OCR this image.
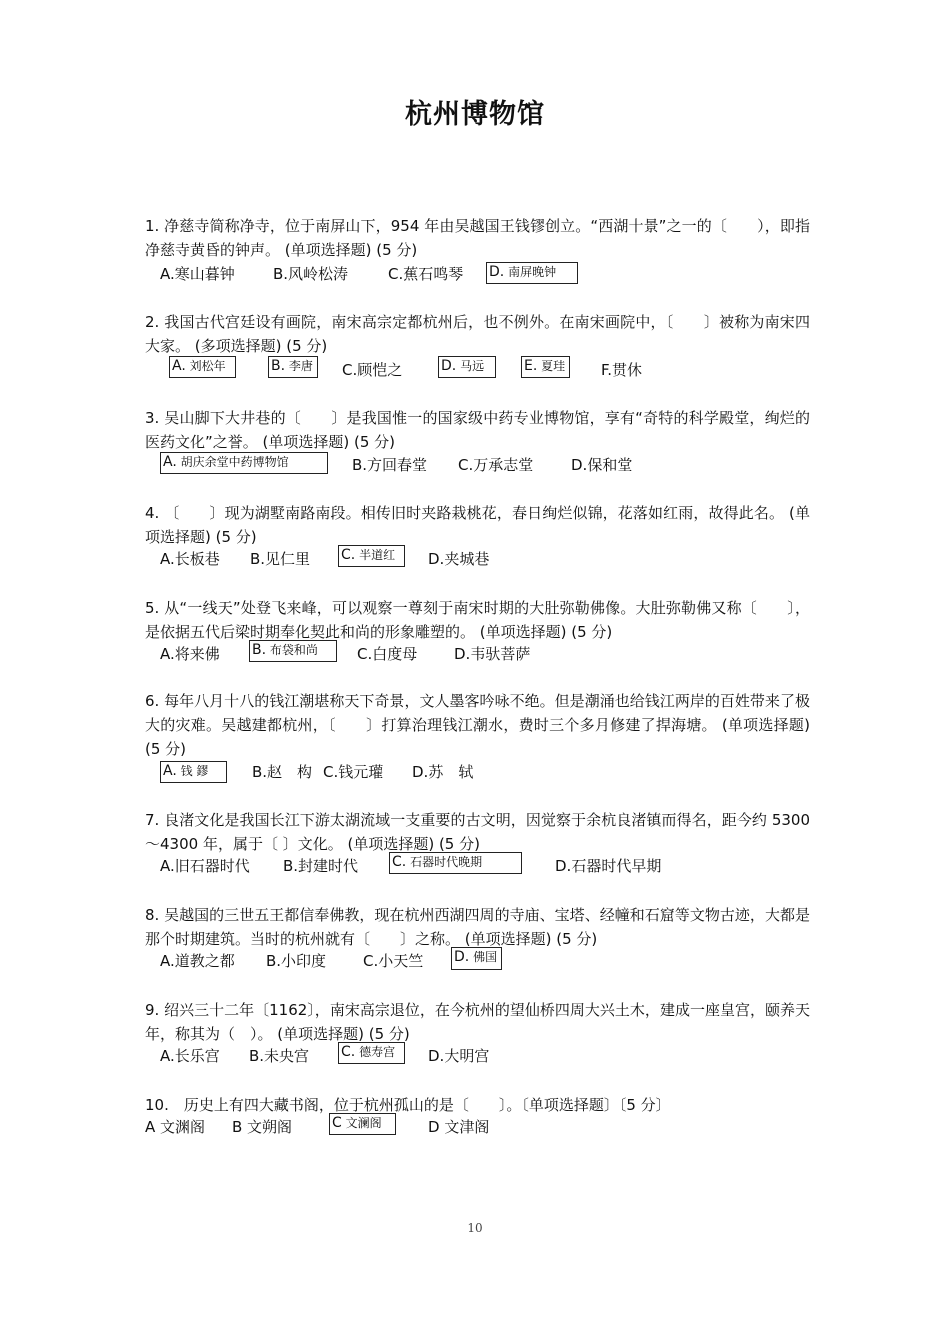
杭州博物馆
1. 净慈寺简称净寺，位于南屏山下，954 年由吴越国王钱镠创立。“西湖十景”之一的〔　　），即指净慈寺黄昏的钟声。 (单项选择题) (5 分)
A.寒山暮钟	B.风岭松涛	C.蕉石鸣琴 D. 南屏晚钟
2. 我国古代宫廷设有画院，南宋高宗定都杭州后，也不例外。在南宋画院中，〔　　〕被称为南宋四大家。 (多项选择题) (5 分)
A. 刘松年	B. 李唐	C.顾恺之	D. 马远	E. 夏珪	F.贯休
3. 吴山脚下大井巷的〔　　〕是我国惟一的国家级中药专业博物馆，享有“奇特的科学殿堂，绚烂的医药文化”之誉。 (单项选择题) (5 分)
A. 胡庆余堂中药博物馆	B.方回春堂 C.万承志堂	D.保和堂
4. 〔　　〕现为湖墅南路南段。相传旧时夹路栽桃花，春日绚烂似锦，花落如红雨，故得此名。 (单项选择题) (5 分)
A.长板巷 B.见仁里 C. 半道红	D.夹城巷
5. 从“一线天”处登飞来峰，可以观察一尊刻于南宋时期的大肚弥勒佛像。大肚弥勒佛又称〔　　〕，是依据五代后梁时期奉化契此和尚的形象雕塑的。 (单项选择题) (5 分)
A.将来佛 B. 布袋和尚	C.白度母 D.韦驮菩萨
6. 每年八月十八的钱江潮堪称天下奇景，文人墨客吟咏不绝。但是潮涌也给钱江两岸的百姓带来了极大的灾难。吴越建都杭州，〔　　〕打算治理钱江潮水，费时三个多月修建了捍海塘。 (单项选择题) (5 分)
A. 钱 鏐	B.赵　构 C.钱元瓘 D.苏　轼
7. 良渚文化是我国长江下游太湖流域一支重要的古文明，因觉察于余杭良渚镇而得名，距今约 5300～4300 年，属于〔 〕文化。 (单项选择题) (5 分)
A.旧石器时代 B.封建时代 C. 石器时代晚期	D.石器时代早期
8. 吴越国的三世五王都信奉佛教，现在杭州西湖四周的寺庙、宝塔、经幢和石窟等文物古迹，大都是那个时期建筑。当时的杭州就有〔　　〕之称。 (单项选择题) (5 分)
A.道教之都 B.小印度 C.小天竺 D. 佛国
9. 绍兴三十二年〔1162〕，南宋高宗退位，在今杭州的望仙桥四周大兴土木，建成一座皇宫，颐养天年，称其为（　）。 (单项选择题) (5 分)
A.长乐宫 B.未央宫 C. 德寿宫	D.大明宫
10.　历史上有四大藏书阁，位于杭州孤山的是〔　　〕。〔单项选择题〕〔5 分〕
A 文渊阁 B 文朔阁	C 文澜阁	D 文津阁
10
